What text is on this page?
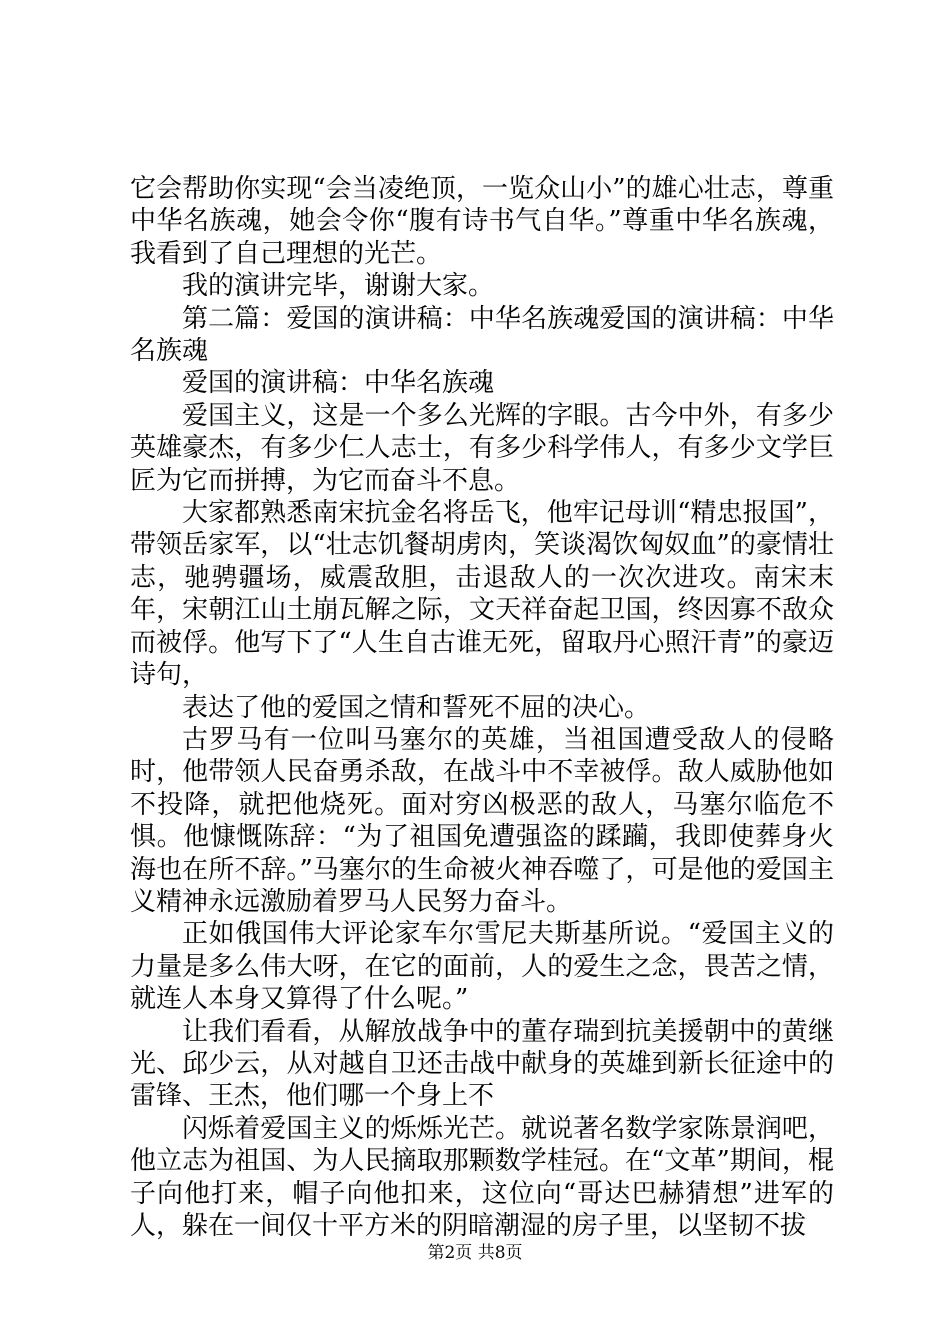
它会帮助你实现“会当凌绝顶，一览众山小”的雄心壮志，尊重中华名族魂，她会令你“腹有诗书气自华。”尊重中华名族魂，我看到了自己理想的光芒。

我的演讲完毕，谢谢大家。

第二篇：爱国的演讲稿：中华名族魂爱国的演讲稿：中华名族魂

爱国的演讲稿：中华名族魂

爱国主义，这是一个多么光辉的字眼。古今中外，有多少英雄豪杰，有多少仁人志士，有多少科学伟人，有多少文学巨匠为它而拼搏，为它而奋斗不息。

大家都熟悉南宋抗金名将岳飞，他牢记母训“精忠报国”，带领岳家军，以“壮志饥餐胡虏肉，笑谈渴饮匈奴血”的豪情壮志，驰骋疆场，威震敌胆，击退敌人的一次次进攻。南宋末年，宋朝江山土崩瓦解之际，文天祥奋起卫国，终因寡不敌众而被俘。他写下了“人生自古谁无死，留取丹心照汗青”的豪迈诗句，

表达了他的爱国之情和誓死不屈的决心。

古罗马有一位叫马塞尔的英雄，当祖国遭受敌人的侵略时，他带领人民奋勇杀敌，在战斗中不幸被俘。敌人威胁他如不投降，就把他烧死。面对穷凶极恶的敌人，马塞尔临危不惧。他慷慨陈辞：“为了祖国免遭强盗的蹂躏，我即使葬身火海也在所不辞。”马塞尔的生命被火神吞噬了，可是他的爱国主义精神永远激励着罗马人民努力奋斗。

正如俄国伟大评论家车尔雪尼夫斯基所说。“爱国主义的力量是多么伟大呀，在它的面前，人的爱生之念，畏苦之情，就连人本身又算得了什么呢。”

让我们看看，从解放战争中的董存瑞到抗美援朝中的黄继光、邱少云，从对越自卫还击战中献身的英雄到新长征途中的雷锋、王杰，他们哪一个身上不

闪烁着爱国主义的烁烁光芒。就说著名数学家陈景润吧，他立志为祖国、为人民摘取那颗数学桂冠。在“文革”期间，棍子向他打来，帽子向他扣来，这位向“哥达巴赫猜想”进军的人，躲在一间仅十平方米的阴暗潮湿的房子里，以坚韧不拔

第2页 共8页
